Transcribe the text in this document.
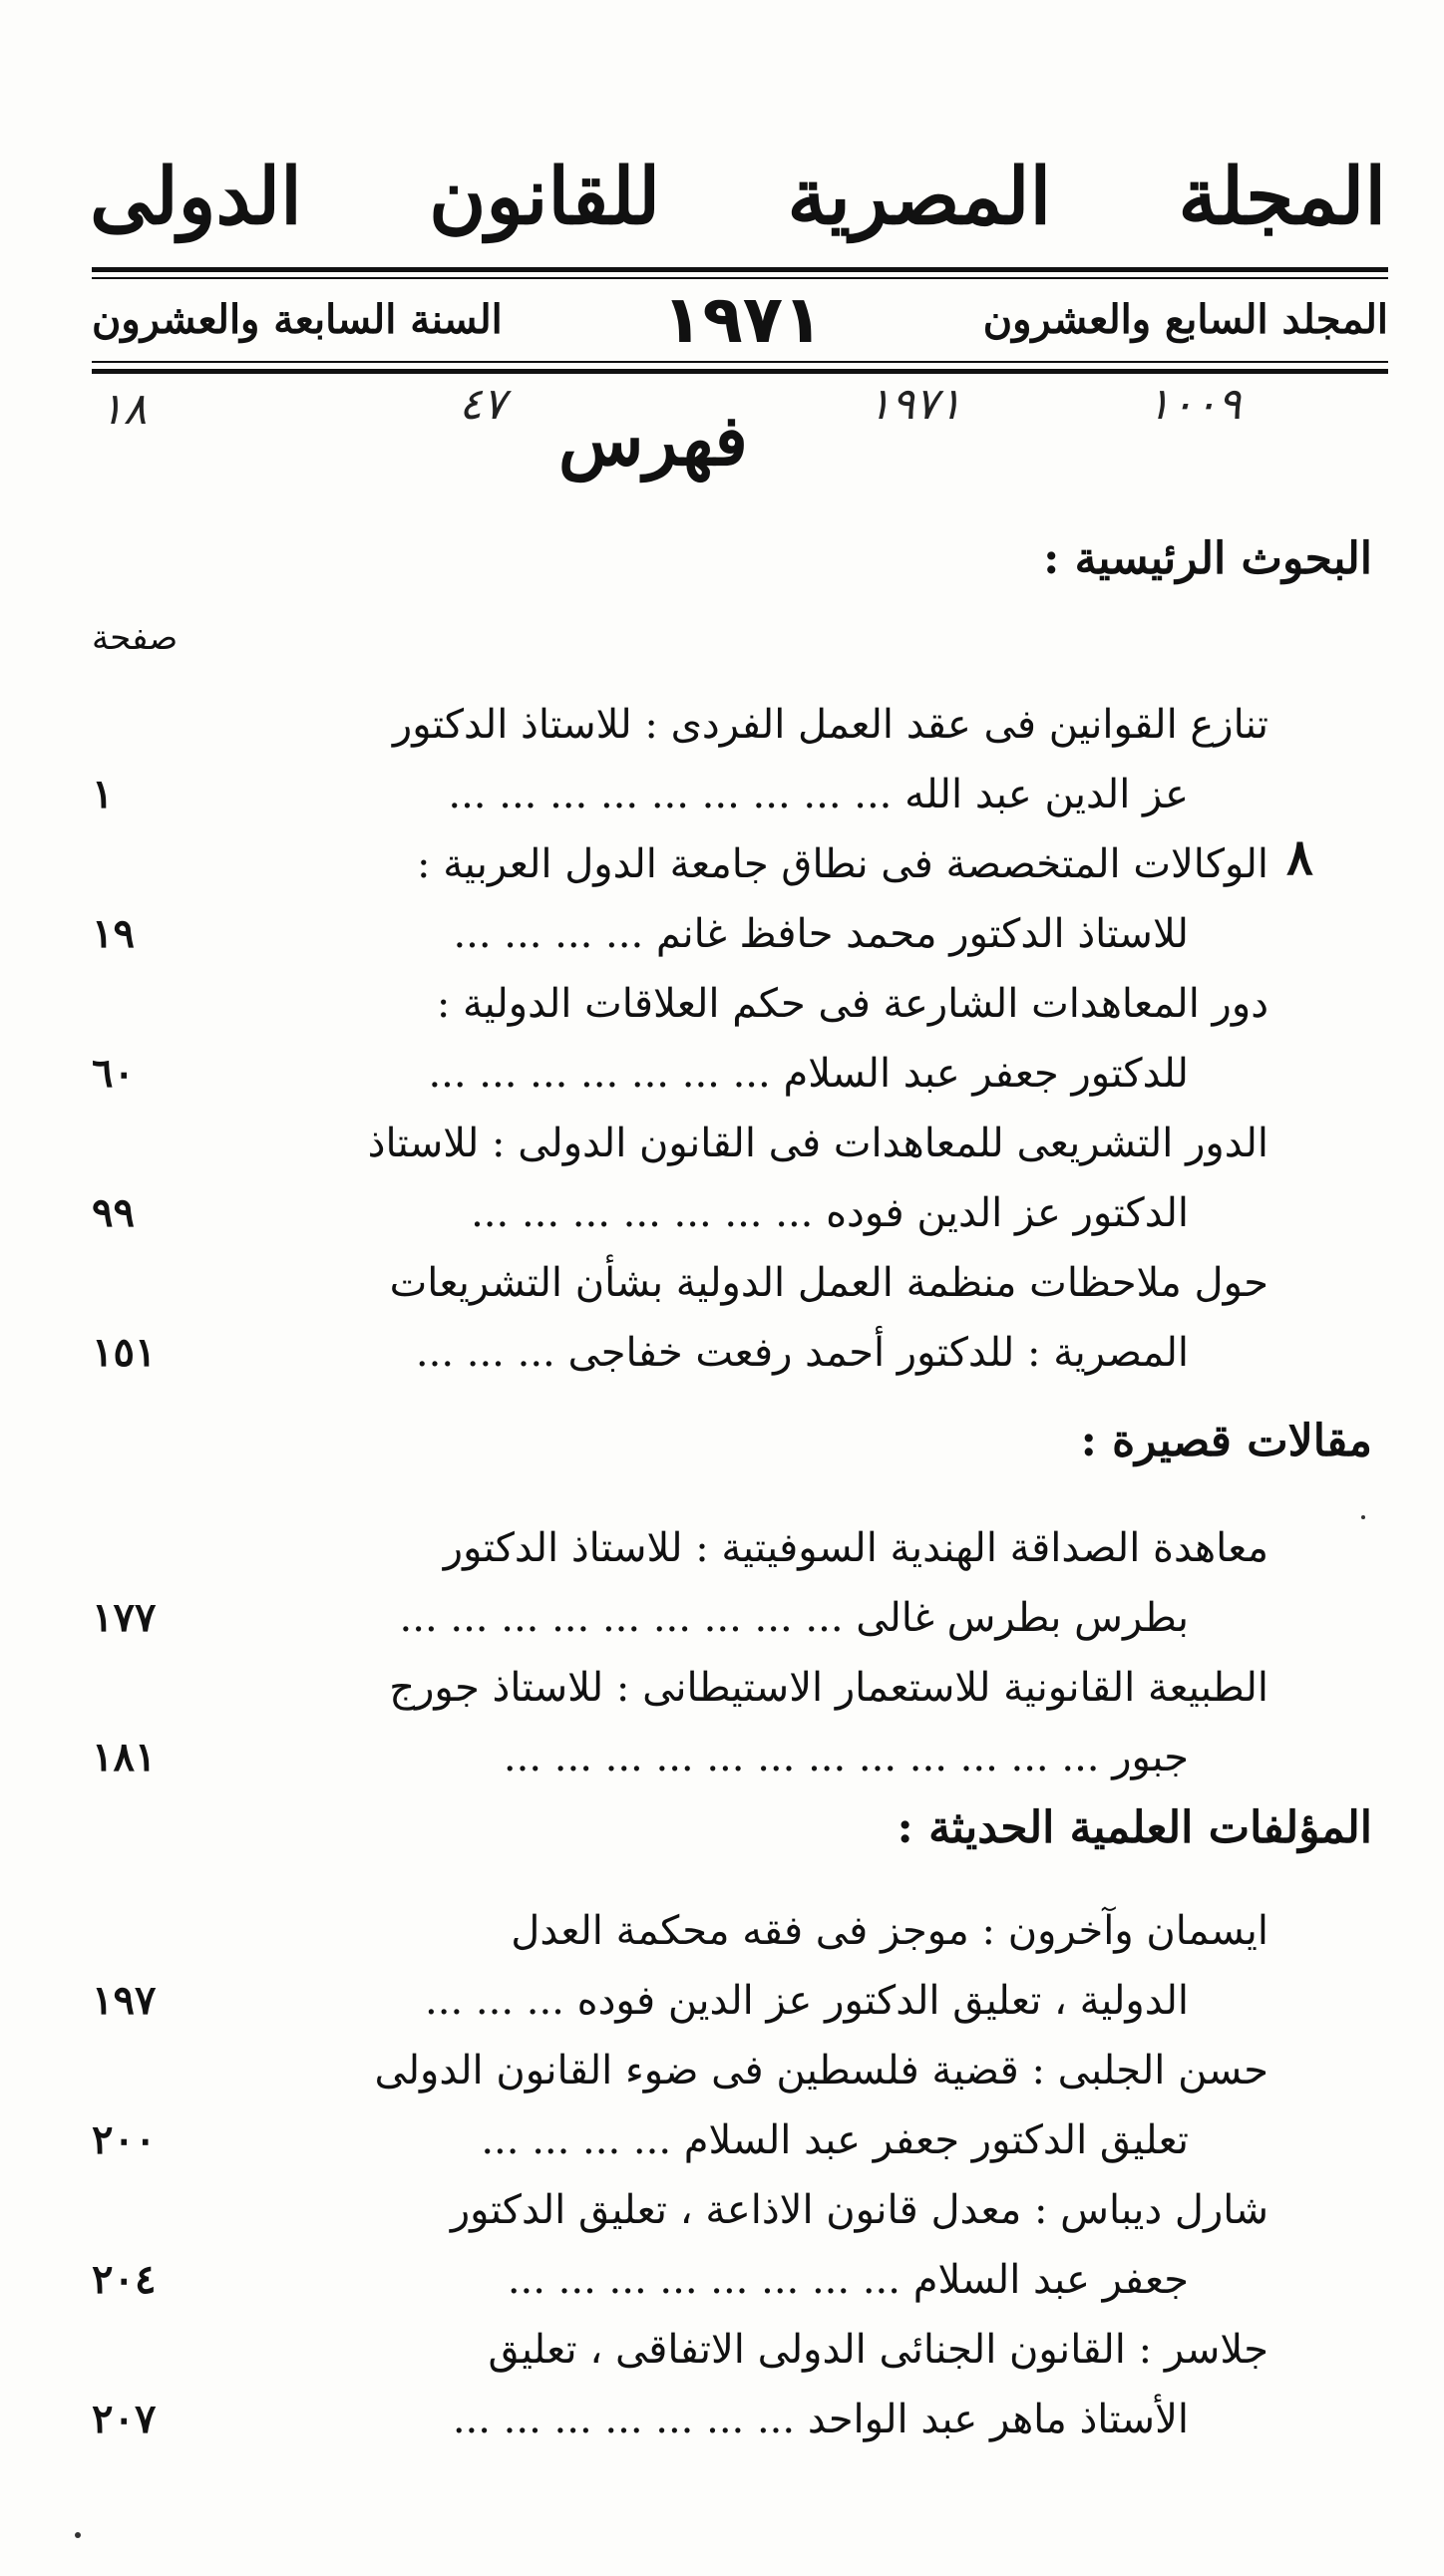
المجلة المصرية للقانون الدولى
المجلد السابع والعشرون
١٩٧١
السنة السابعة والعشرون
١٠٠٩
١٩٧١
٤٧
١٨	فهرس
البحوث الرئيسية :
صفحة
تنازع القوانين فى عقد العمل الفردى : للاستاذ الدكتور
عز الدين عبد الله ... ... ... ... ... ... ... ... ...
١
٨
الوكالات المتخصصة فى نطاق جامعة الدول العربية :
للاستاذ الدكتور محمد حافظ غانم ... ... ... ...
١٩
دور المعاهدات الشارعة فى حكم العلاقات الدولية :
للدكتور جعفر عبد السلام ... ... ... ... ... ... ...
٦٠
الدور التشريعى للمعاهدات فى القانون الدولى : للاستاذ
الدكتور عز الدين فوده ... ... ... ... ... ... ...
٩٩
حول ملاحظات منظمة العمل الدولية بشأن التشريعات
المصرية : للدكتور أحمد رفعت خفاجى ... ... ...
١٥١
مقالات قصيرة :
معاهدة الصداقة الهندية السوفيتية : للاستاذ الدكتور
بطرس بطرس غالى ... ... ... ... ... ... ... ... ...
١٧٧
الطبيعة القانونية للاستعمار الاستيطانى : للاستاذ جورج
جبور ... ... ... ... ... ... ... ... ... ... ... ...
١٨١
المؤلفات العلمية الحديثة :
ايسمان وآخرون : موجز فى فقه محكمة العدل
الدولية ، تعليق الدكتور عز الدين فوده ... ... ...
١٩٧
حسن الجلبى : قضية فلسطين فى ضوء القانون الدولى
تعليق الدكتور جعفر عبد السلام ... ... ... ...
٢٠٠
شارل ديباس : معدل قانون الاذاعة ، تعليق الدكتور
جعفر عبد السلام ... ... ... ... ... ... ... ...
٢٠٤
جلاسر : القانون الجنائى الدولى الاتفاقى ، تعليق
الأستاذ ماهر عبد الواحد ... ... ... ... ... ... ...
٢٠٧
